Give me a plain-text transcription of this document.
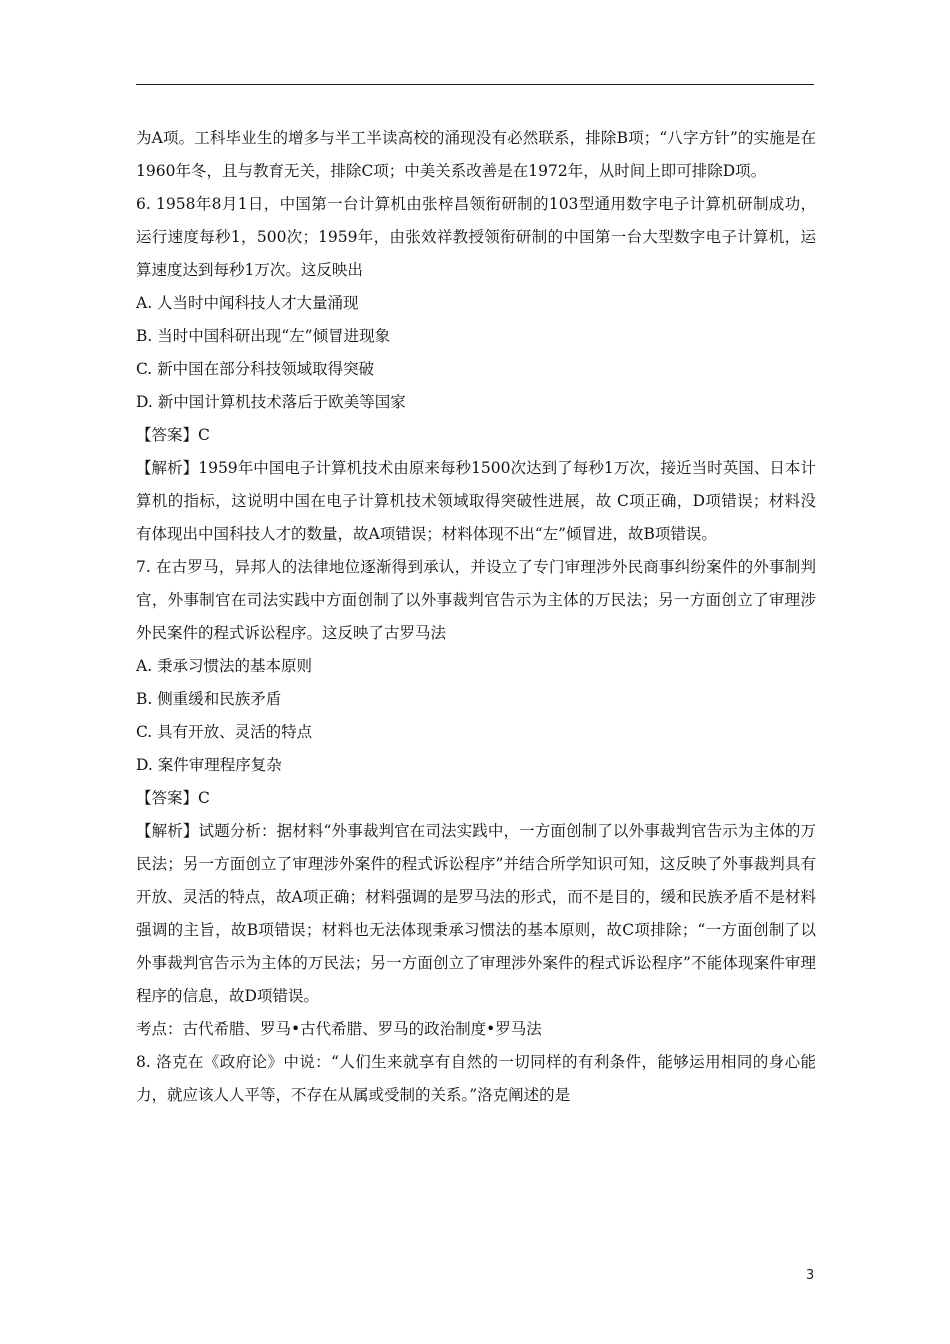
为A项。工科毕业生的增多与半工半读高校的涌现没有必然联系，排除B项；“八字方针”的实施是在1960年冬，且与教育无关，排除C项；中美关系改善是在1972年，从时间上即可排除D项。

6. 1958年8月1日，中国第一台计算机由张梓昌领衔研制的103型通用数字电子计算机研制成功，运行速度每秒1，500次；1959年，由张效祥教授领衔研制的中国第一台大型数字电子计算机，运算速度达到每秒1万次。这反映出

A. 人当时中闻科技人才大量涌现

B. 当时中国科研出现“左”倾冒进现象

C. 新中国在部分科技领域取得突破

D. 新中国计算机技术落后于欧美等国家

【答案】C

【解析】1959年中国电子计算机技术由原来每秒1500次达到了每秒1万次，接近当时英国、日本计算机的指标，这说明中国在电子计算机技术领域取得突破性进展，故 C项正确，D项错误；材料没有体现出中国科技人才的数量，故A项错误；材料体现不出“左”倾冒进，故B项错误。

7. 在古罗马，异邦人的法律地位逐渐得到承认，并设立了专门审理涉外民商事纠纷案件的外事制判官，外事制官在司法实践中方面创制了以外事裁判官告示为主体的万民法；另一方面创立了审理涉外民案件的程式诉讼程序。这反映了古罗马法

A. 秉承习惯法的基本原则

B. 侧重缓和民族矛盾

C. 具有开放、灵活的特点

D. 案件审理程序复杂

【答案】C

【解析】试题分析：据材料“外事裁判官在司法实践中，一方面创制了以外事裁判官告示为主体的万民法；另一方面创立了审理涉外案件的程式诉讼程序”并结合所学知识可知，这反映了外事裁判具有开放、灵活的特点，故A项正确；材料强调的是罗马法的形式，而不是目的，缓和民族矛盾不是材料强调的主旨，故B项错误；材料也无法体现秉承习惯法的基本原则，故C项排除；“一方面创制了以外事裁判官告示为主体的万民法；另一方面创立了审理涉外案件的程式诉讼程序”不能体现案件审理程序的信息，故D项错误。

考点：古代希腊、罗马•古代希腊、罗马的政治制度•罗马法

8. 洛克在《政府论》中说：“人们生来就享有自然的一切同样的有利条件，能够运用相同的身心能力，就应该人人平等，不存在从属或受制的关系。”洛克阐述的是

3
